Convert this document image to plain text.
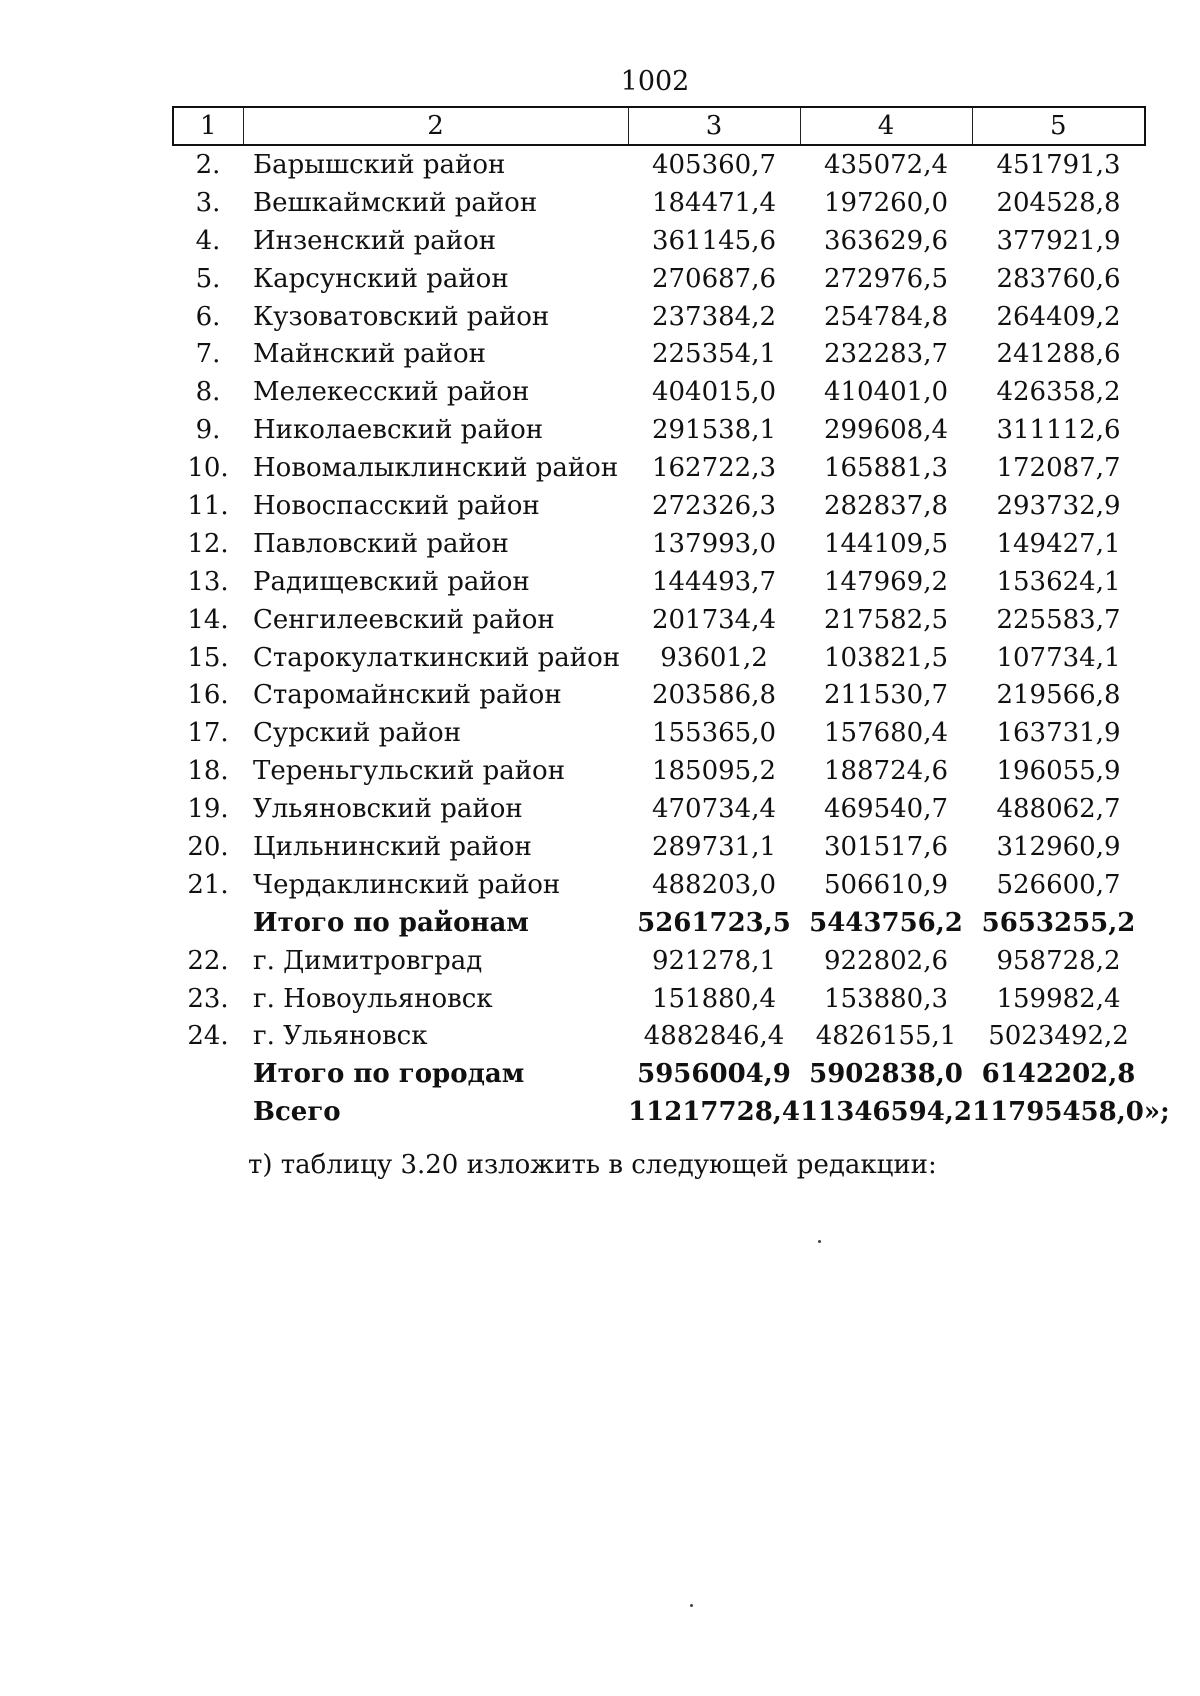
1002
1	2	3	4	5
2.	Барышский район	405360,7	435072,4	451791,3
3.	Вешкаймский район	184471,4	197260,0	204528,8
4.	Инзенский район	361145,6	363629,6	377921,9
5.	Карсунский район	270687,6	272976,5	283760,6
6.	Кузоватовский район	237384,2	254784,8	264409,2
7.	Майнский район	225354,1	232283,7	241288,6
8.	Мелекесский район	404015,0	410401,0	426358,2
9.	Николаевский район	291538,1	299608,4	311112,6
10.	Новомалыклинский район	162722,3	165881,3	172087,7
11.	Новоспасский район	272326,3	282837,8	293732,9
12.	Павловский район	137993,0	144109,5	149427,1
13.	Радищевский район	144493,7	147969,2	153624,1
14.	Сенгилеевский район	201734,4	217582,5	225583,7
15.	Старокулаткинский район	93601,2	103821,5	107734,1
16.	Старомайнский район	203586,8	211530,7	219566,8
17.	Сурский район	155365,0	157680,4	163731,9
18.	Тереньгульский район	185095,2	188724,6	196055,9
19.	Ульяновский район	470734,4	469540,7	488062,7
20.	Цильнинский район	289731,1	301517,6	312960,9
21.	Чердаклинский район	488203,0	506610,9	526600,7
	Итого по районам	5261723,5	5443756,2	5653255,2
22.	г. Димитровград	921278,1	922802,6	958728,2
23.	г. Новоульяновск	151880,4	153880,3	159982,4
24.	г. Ульяновск	4882846,4	4826155,1	5023492,2
	Итого по городам	5956004,9	5902838,0	6142202,8
	Всего	11217728,4	11346594,2	11795458,0»;
т) таблицу 3.20 изложить в следующей редакции:
